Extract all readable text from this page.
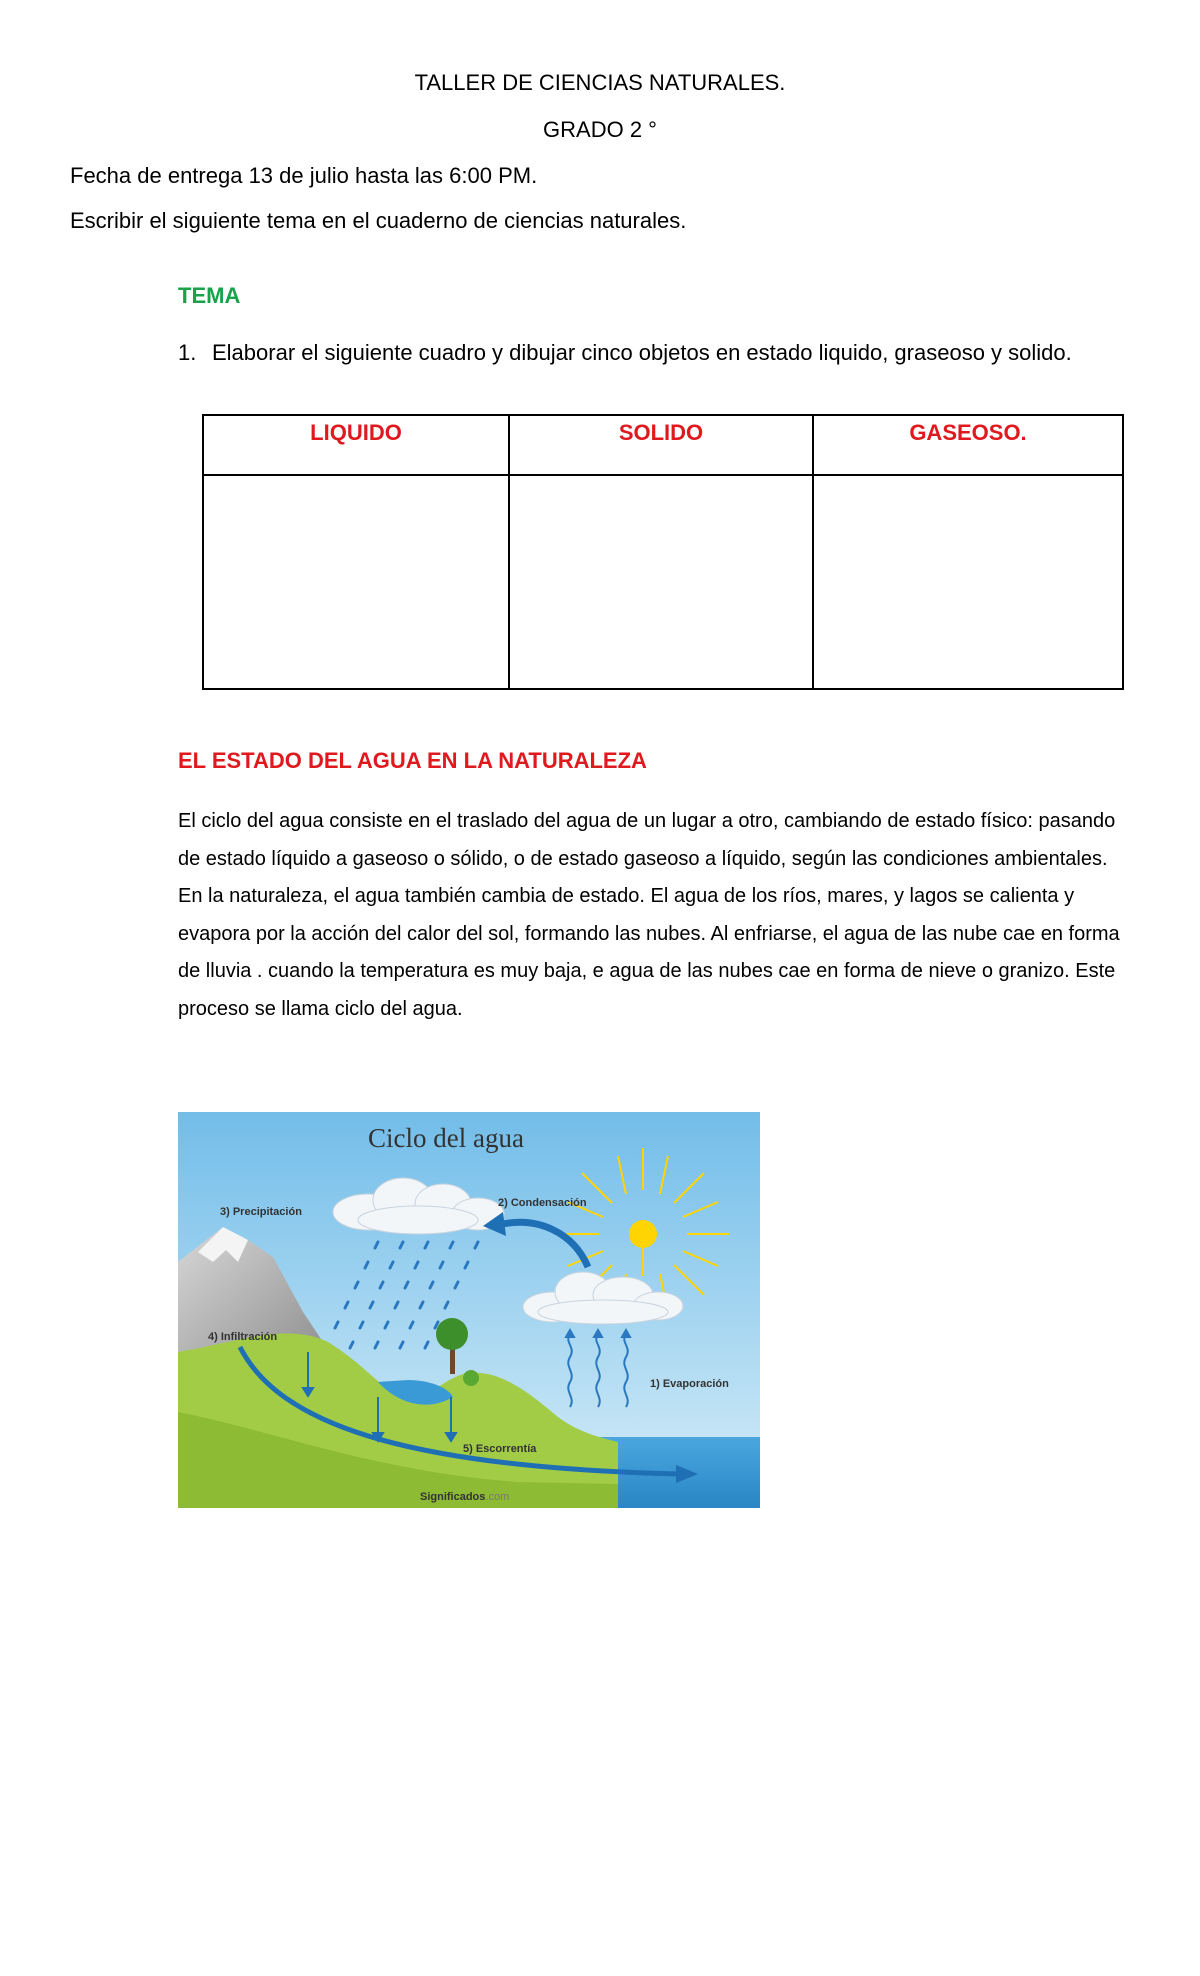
TALLER DE CIENCIAS NATURALES.
GRADO 2 °
Fecha de entrega 13 de julio hasta las 6:00 PM.
Escribir el siguiente tema en el cuaderno de ciencias naturales.
TEMA
1. Elaborar el siguiente cuadro y dibujar cinco objetos en estado liquido, graseoso y solido.
LIQUIDO	SOLIDO	GASEOSO.

EL ESTADO DEL AGUA EN LA NATURALEZA

El ciclo del agua consiste en el traslado del agua de un lugar a otro, cambiando de estado físico: pasando de estado líquido a gaseoso o sólido, o de estado gaseoso a líquido, según las condiciones ambientales.

En la naturaleza, el agua también cambia de estado. El agua de los ríos, mares, y lagos se calienta y evapora por la acción del calor del sol, formando las nubes. Al enfriarse, el agua de las nube cae en forma de lluvia . cuando la temperatura es muy baja, e agua de las nubes cae en forma de nieve o granizo. Este proceso se llama ciclo del agua.

Ciclo del agua
3) Precipitación
2) Condensación
4) Infiltración
1) Evaporación
5) Escorrentía
Significados.com
